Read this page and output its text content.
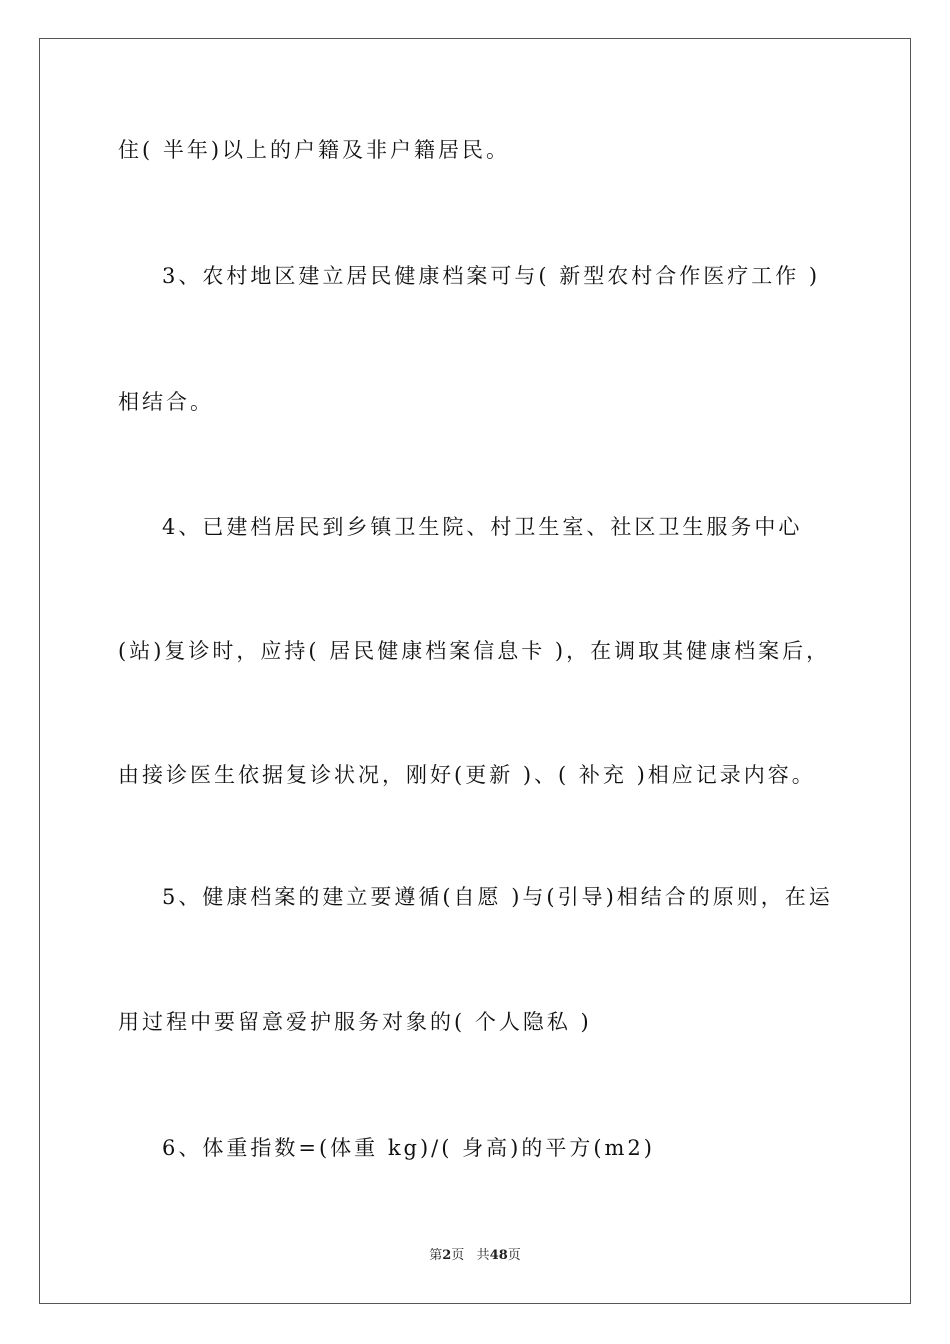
住( 半年)以上的户籍及非户籍居民。
3、农村地区建立居民健康档案可与( 新型农村合作医疗工作 )
相结合。
4、已建档居民到乡镇卫生院、村卫生室、社区卫生服务中心
(站)复诊时，应持( 居民健康档案信息卡 )，在调取其健康档案后，
由接诊医生依据复诊状况，刚好(更新 )、( 补充 )相应记录内容。
5、健康档案的建立要遵循(自愿 )与(引导)相结合的原则，在运
用过程中要留意爱护服务对象的( 个人隐私 )
6、体重指数=(体重 kg)/( 身高)的平方(m2)
第2页 共48页
